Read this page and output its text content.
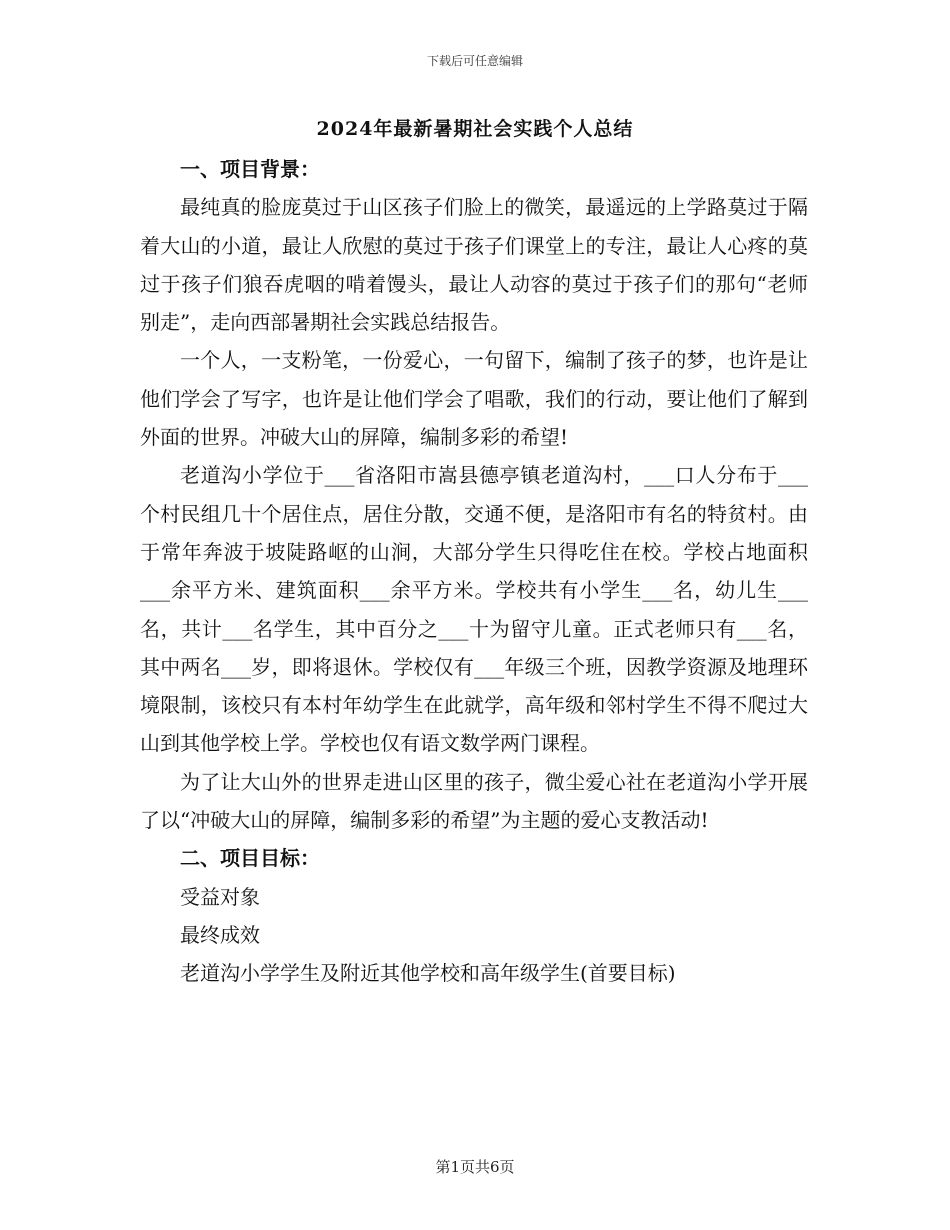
下载后可任意编辑
2024年最新暑期社会实践个人总结

一、项目背景：

最纯真的脸庞莫过于山区孩子们脸上的微笑，最遥远的上学路莫过于隔着大山的小道，最让人欣慰的莫过于孩子们课堂上的专注，最让人心疼的莫过于孩子们狼吞虎咽的啃着馒头，最让人动容的莫过于孩子们的那句“老师别走”，走向西部暑期社会实践总结报告。

一个人，一支粉笔，一份爱心，一句留下，编制了孩子的梦，也许是让他们学会了写字，也许是让他们学会了唱歌，我们的行动，要让他们了解到外面的世界。冲破大山的屏障，编制多彩的希望!

老道沟小学位于___省洛阳市嵩县德亭镇老道沟村，___口人分布于___个村民组几十个居住点，居住分散，交通不便，是洛阳市有名的特贫村。由于常年奔波于坡陡路岖的山涧，大部分学生只得吃住在校。学校占地面积___余平方米、建筑面积___余平方米。学校共有小学生___名，幼儿生___名，共计___名学生，其中百分之___十为留守儿童。正式老师只有___名，其中两名___岁，即将退休。学校仅有___年级三个班，因教学资源及地理环境限制，该校只有本村年幼学生在此就学，高年级和邻村学生不得不爬过大山到其他学校上学。学校也仅有语文数学两门课程。

为了让大山外的世界走进山区里的孩子，微尘爱心社在老道沟小学开展了以“冲破大山的屏障，编制多彩的希望”为主题的爱心支教活动!

二、项目目标：

受益对象

最终成效

老道沟小学学生及附近其他学校和高年级学生(首要目标)

第1页共6页
